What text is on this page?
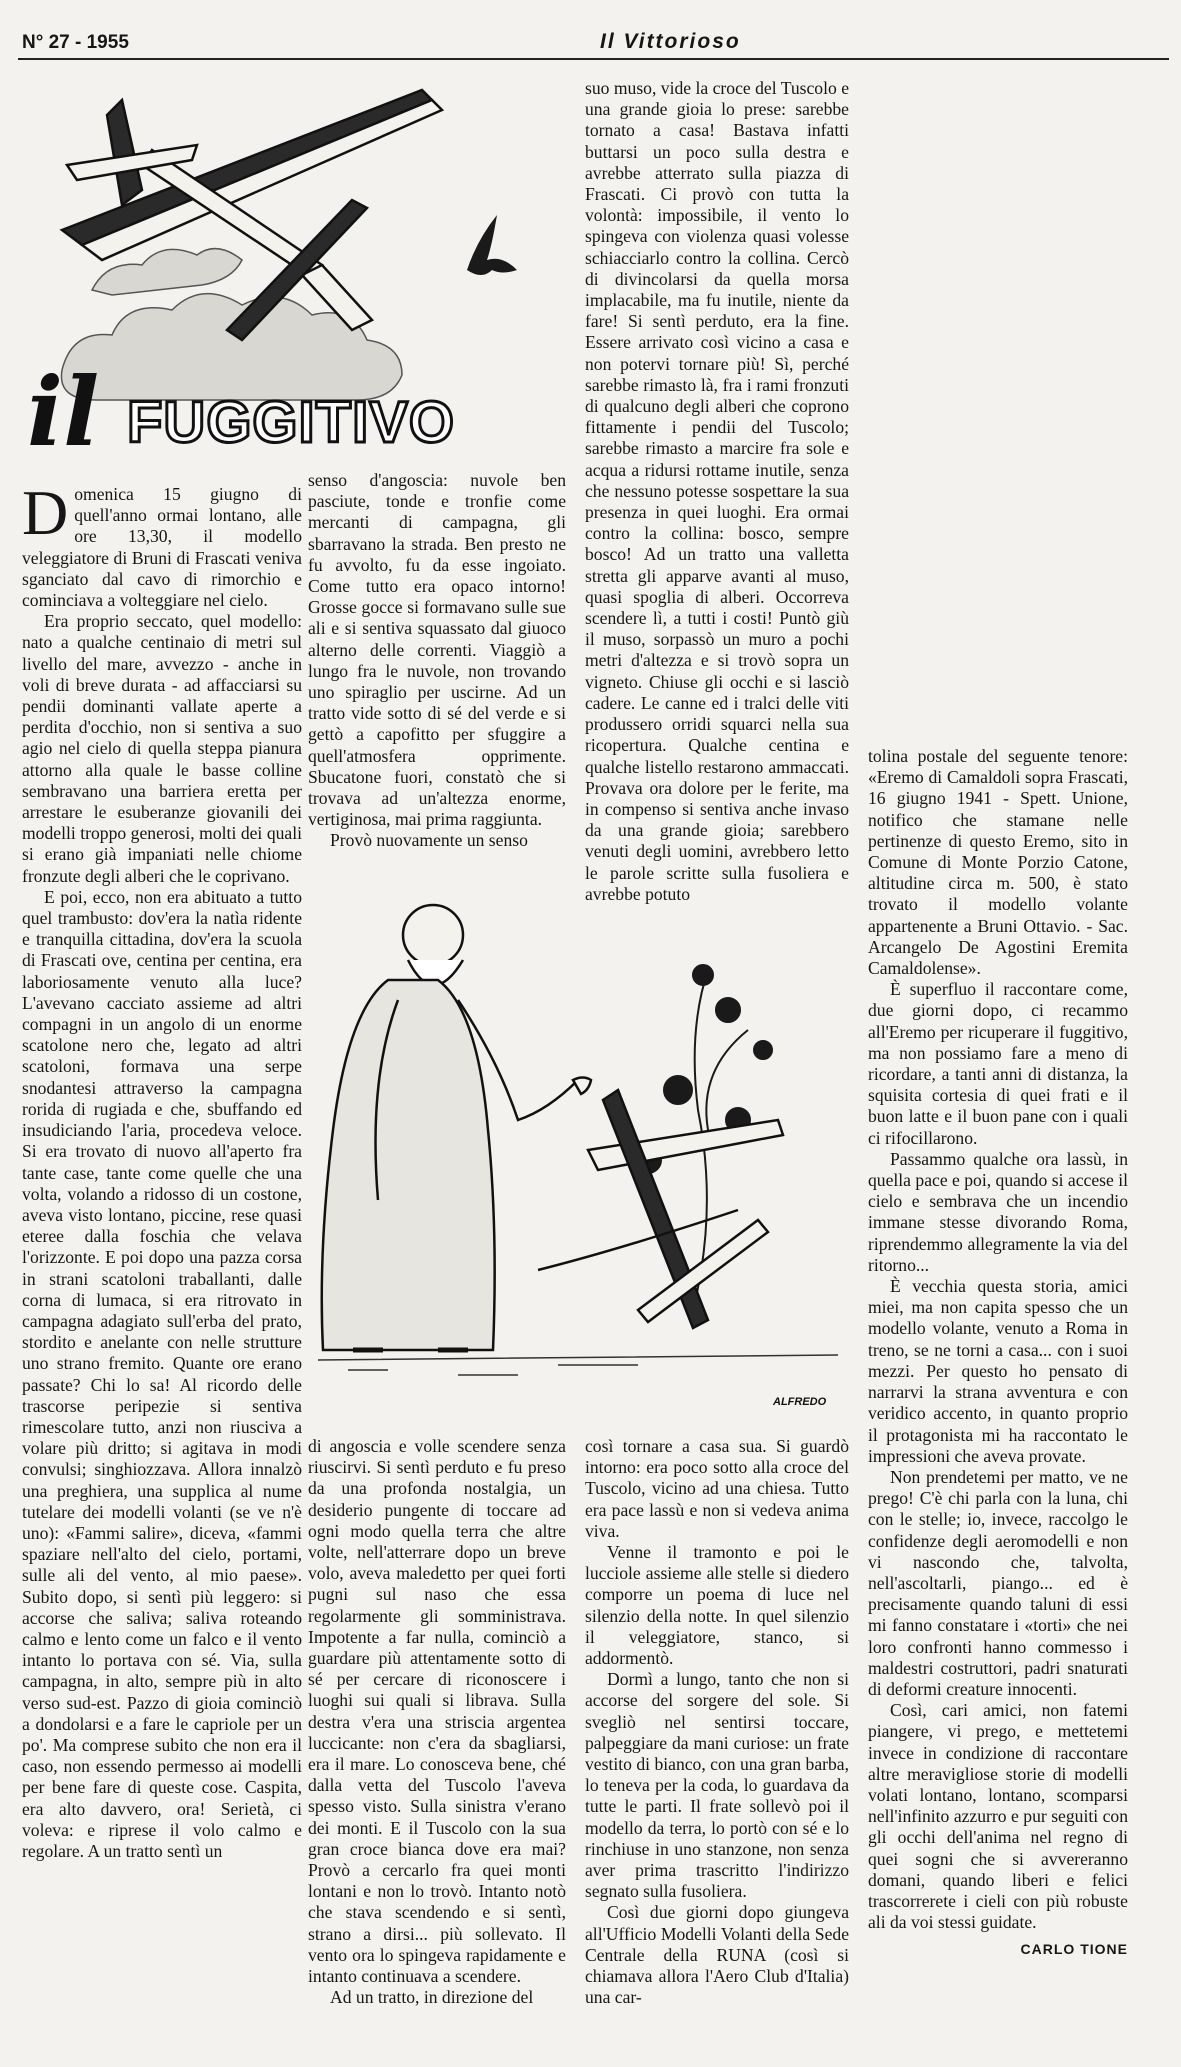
N° 27 - 1955	Il Vittorioso
il FUGGITIVO

Domenica 15 giugno di quell'anno ormai lontano, alle ore 13,30, il modello veleggiatore di Bruni di Frascati veniva sganciato dal cavo di rimorchio e cominciava a volteggiare nel cielo.

Era proprio seccato, quel modello: nato a qualche centinaio di metri sul livello del mare, avvezzo - anche in voli di breve durata - ad affacciarsi su pendii dominanti vallate aperte a perdita d'occhio, non si sentiva a suo agio nel cielo di quella steppa pianura attorno alla quale le basse colline sembravano una barriera eretta per arrestare le esuberanze giovanili dei modelli troppo generosi, molti dei quali si erano già impaniati nelle chiome fronzute degli alberi che le coprivano.

E poi, ecco, non era abituato a tutto quel trambusto: dov'era la natìa ridente e tranquilla cittadina, dov'era la scuola di Frascati ove, centina per centina, era laboriosamente venuto alla luce? L'avevano cacciato assieme ad altri compagni in un angolo di un enorme scatolone nero che, legato ad altri scatoloni, formava una serpe snodantesi attraverso la campagna rorida di rugiada e che, sbuffando ed insudiciando l'aria, procedeva veloce. Si era trovato di nuovo all'aperto fra tante case, tante come quelle che una volta, volando a ridosso di un costone, aveva visto lontano, piccine, rese quasi eteree dalla foschia che velava l'orizzonte. E poi dopo una pazza corsa in strani scatoloni traballanti, dalle corna di lumaca, si era ritrovato in campagna adagiato sull'erba del prato, stordito e anelante con nelle strutture uno strano fremito. Quante ore erano passate? Chi lo sa! Al ricordo delle trascorse peripezie si sentiva rimescolare tutto, anzi non riusciva a volare più dritto; si agitava in modi convulsi; singhiozzava. Allora innalzò una preghiera, una supplica al nume tutelare dei modelli volanti (se ve n'è uno): «Fammi salire», diceva, «fammi spaziare nell'alto del cielo, portami, sulle ali del vento, al mio paese». Subito dopo, si sentì più leggero: si accorse che saliva; saliva roteando calmo e lento come un falco e il vento intanto lo portava con sé. Via, sulla campagna, in alto, sempre più in alto verso sud-est. Pazzo di gioia cominciò a dondolarsi e a fare le capriole per un po'. Ma comprese subito che non era il caso, non essendo permesso ai modelli per bene fare di queste cose. Caspita, era alto davvero, ora! Serietà, ci voleva: e riprese il volo calmo e regolare. A un tratto sentì un

senso d'angoscia: nuvole ben pasciute, tonde e tronfie come mercanti di campagna, gli sbarravano la strada. Ben presto ne fu avvolto, fu da esse ingoiato. Come tutto era opaco intorno! Grosse gocce si formavano sulle sue ali e si sentiva squassato dal giuoco alterno delle correnti. Viaggiò a lungo fra le nuvole, non trovando uno spiraglio per uscirne. Ad un tratto vide sotto di sé del verde e si gettò a capofitto per sfuggire a quell'atmosfera opprimente. Sbucatone fuori, constatò che si trovava ad un'altezza enorme, vertiginosa, mai prima raggiunta.

Provò nuovamente un senso

suo muso, vide la croce del Tuscolo e una grande gioia lo prese: sarebbe tornato a casa! Bastava infatti buttarsi un poco sulla destra e avrebbe atterrato sulla piazza di Frascati. Ci provò con tutta la volontà: impossibile, il vento lo spingeva con violenza quasi volesse schiacciarlo contro la collina. Cercò di divincolarsi da quella morsa implacabile, ma fu inutile, niente da fare! Si sentì perduto, era la fine. Essere arrivato così vicino a casa e non potervi tornare più! Sì, perché sarebbe rimasto là, fra i rami fronzuti di qualcuno degli alberi che coprono fittamente i pendii del Tuscolo; sarebbe rimasto a marcire fra sole e acqua a ridursi rottame inutile, senza che nessuno potesse sospettare la sua presenza in quei luoghi. Era ormai contro la collina: bosco, sempre bosco! Ad un tratto una valletta stretta gli apparve avanti al muso, quasi spoglia di alberi. Occorreva scendere lì, a tutti i costi! Puntò giù il muso, sorpassò un muro a pochi metri d'altezza e si trovò sopra un vigneto. Chiuse gli occhi e si lasciò cadere. Le canne ed i tralci delle viti produssero orridi squarci nella sua ricopertura. Qualche centina e qualche listello restarono ammaccati. Provava ora dolore per le ferite, ma in compenso si sentiva anche invaso da una grande gioia; sarebbero venuti degli uomini, avrebbero letto le parole scritte sulla fusoliera e avrebbe potuto

ALFREDO

di angoscia e volle scendere senza riuscirvi. Si sentì perduto e fu preso da una profonda nostalgia, un desiderio pungente di toccare ad ogni modo quella terra che altre volte, nell'atterrare dopo un breve volo, aveva maledetto per quei forti pugni sul naso che essa regolarmente gli somministrava. Impotente a far nulla, cominciò a guardare più attentamente sotto di sé per cercare di riconoscere i luoghi sui quali si librava. Sulla destra v'era una striscia argentea luccicante: non c'era da sbagliarsi, era il mare. Lo conosceva bene, ché dalla vetta del Tuscolo l'aveva spesso visto. Sulla sinistra v'erano dei monti. E il Tuscolo con la sua gran croce bianca dove era mai? Provò a cercarlo fra quei monti lontani e non lo trovò. Intanto notò che stava scendendo e si sentì, strano a dirsi... più sollevato. Il vento ora lo spingeva rapidamente e intanto continuava a scendere.

Ad un tratto, in direzione del

così tornare a casa sua. Si guardò intorno: era poco sotto alla croce del Tuscolo, vicino ad una chiesa. Tutto era pace lassù e non si vedeva anima viva.

Venne il tramonto e poi le lucciole assieme alle stelle si diedero comporre un poema di luce nel silenzio della notte. In quel silenzio il veleggiatore, stanco, si addormentò.

Dormì a lungo, tanto che non si accorse del sorgere del sole. Si svegliò nel sentirsi toccare, palpeggiare da mani curiose: un frate vestito di bianco, con una gran barba, lo teneva per la coda, lo guardava da tutte le parti. Il frate sollevò poi il modello da terra, lo portò con sé e lo rinchiuse in uno stanzone, non senza aver prima trascritto l'indirizzo segnato sulla fusoliera.

Così due giorni dopo giungeva all'Ufficio Modelli Volanti della Sede Centrale della RUNA (così si chiamava allora l'Aero Club d'Italia) una car-

tolina postale del seguente tenore: «Eremo di Camaldoli sopra Frascati, 16 giugno 1941 - Spett. Unione, notifico che stamane nelle pertinenze di questo Eremo, sito in Comune di Monte Porzio Catone, altitudine circa m. 500, è stato trovato il modello volante appartenente a Bruni Ottavio. - Sac. Arcangelo De Agostini Eremita Camaldolense».

È superfluo il raccontare come, due giorni dopo, ci recammo all'Eremo per ricuperare il fuggitivo, ma non possiamo fare a meno di ricordare, a tanti anni di distanza, la squisita cortesia di quei frati e il buon latte e il buon pane con i quali ci rifocillarono.

Passammo qualche ora lassù, in quella pace e poi, quando si accese il cielo e sembrava che un incendio immane stesse divorando Roma, riprendemmo allegramente la via del ritorno...

È vecchia questa storia, amici miei, ma non capita spesso che un modello volante, venuto a Roma in treno, se ne torni a casa... con i suoi mezzi. Per questo ho pensato di narrarvi la strana avventura e con veridico accento, in quanto proprio il protagonista mi ha raccontato le impressioni che aveva provate.

Non prendetemi per matto, ve ne prego! C'è chi parla con la luna, chi con le stelle; io, invece, raccolgo le confidenze degli aeromodelli e non vi nascondo che, talvolta, nell'ascoltarli, piango... ed è precisamente quando taluni di essi mi fanno constatare i «torti» che nei loro confronti hanno commesso i maldestri costruttori, padri snaturati di deformi creature innocenti.

Così, cari amici, non fatemi piangere, vi prego, e mettetemi invece in condizione di raccontare altre meravigliose storie di modelli volati lontano, lontano, scomparsi nell'infinito azzurro e pur seguiti con gli occhi dell'anima nel regno di quei sogni che si avvereranno domani, quando liberi e felici trascorrerete i cieli con più robuste ali da voi stessi guidate.

CARLO TIONE
